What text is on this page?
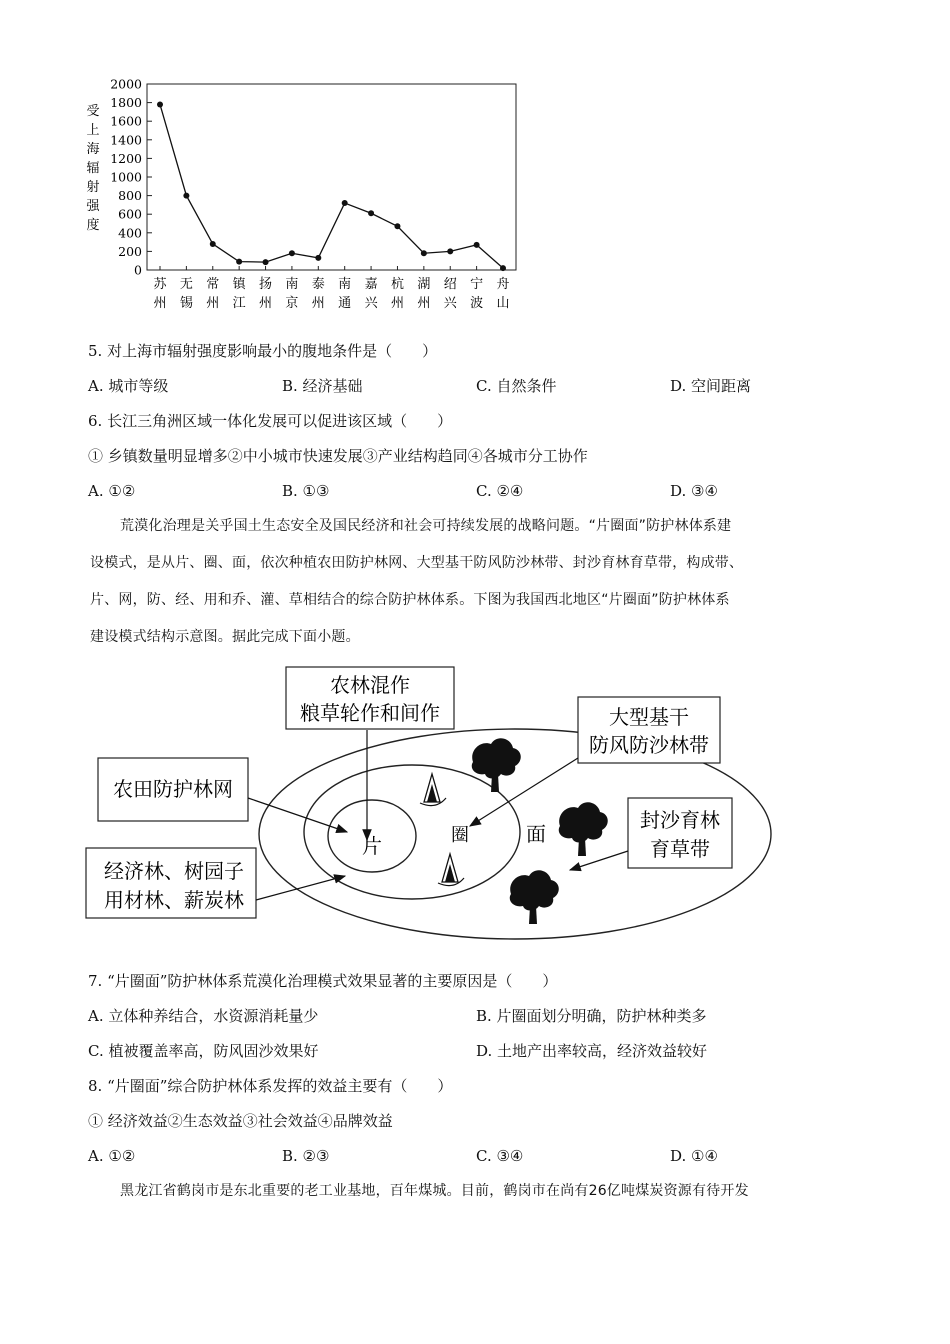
受
上
海
辐
射
强
度
0
200
400
600
800
1000
1200
1400
1600
1800
2000
苏
州
无
锡
常
州
镇
江
扬
州
南
京
泰
州
南
通
嘉
兴
杭
州
湖
州
绍
兴
宁
波
舟
山
5. 对上海市辐射强度影响最小的腹地条件是（　　）
A. 城市等级	B. 经济基础	C. 自然条件	D. 空间距离
6. 长江三角洲区域一体化发展可以促进该区域（　　）
① 乡镇数量明显增多②中小城市快速发展③产业结构趋同④各城市分工协作
A. ①②	B. ①③	C. ②④	D. ③④
荒漠化治理是关乎国土生态安全及国民经济和社会可持续发展的战略问题。“片圈面”防护林体系建
设模式，是从片、圈、面，依次种植农田防护林网、大型基干防风防沙林带、封沙育林育草带，构成带、
片、网，防、经、用和乔、灌、草相结合的综合防护林体系。下图为我国西北地区“片圈面”防护林体系
建设模式结构示意图。据此完成下面小题。
片	圈	面
农林混作
粮草轮作和间作
农田防护林网
经济林、树园子
用材林、薪炭林
大型基干
防风防沙林带
封沙育林
育草带
7. “片圈面”防护林体系荒漠化治理模式效果显著的主要原因是（　　）
A. 立体种养结合，水资源消耗量少	B. 片圈面划分明确，防护林种类多
C. 植被覆盖率高，防风固沙效果好	D. 土地产出率较高，经济效益较好
8. “片圈面”综合防护林体系发挥的效益主要有（　　）
① 经济效益②生态效益③社会效益④品牌效益
A. ①②	B. ②③	C. ③④	D. ①④
黑龙江省鹤岗市是东北重要的老工业基地，百年煤城。目前，鹤岗市在尚有26亿吨煤炭资源有待开发
